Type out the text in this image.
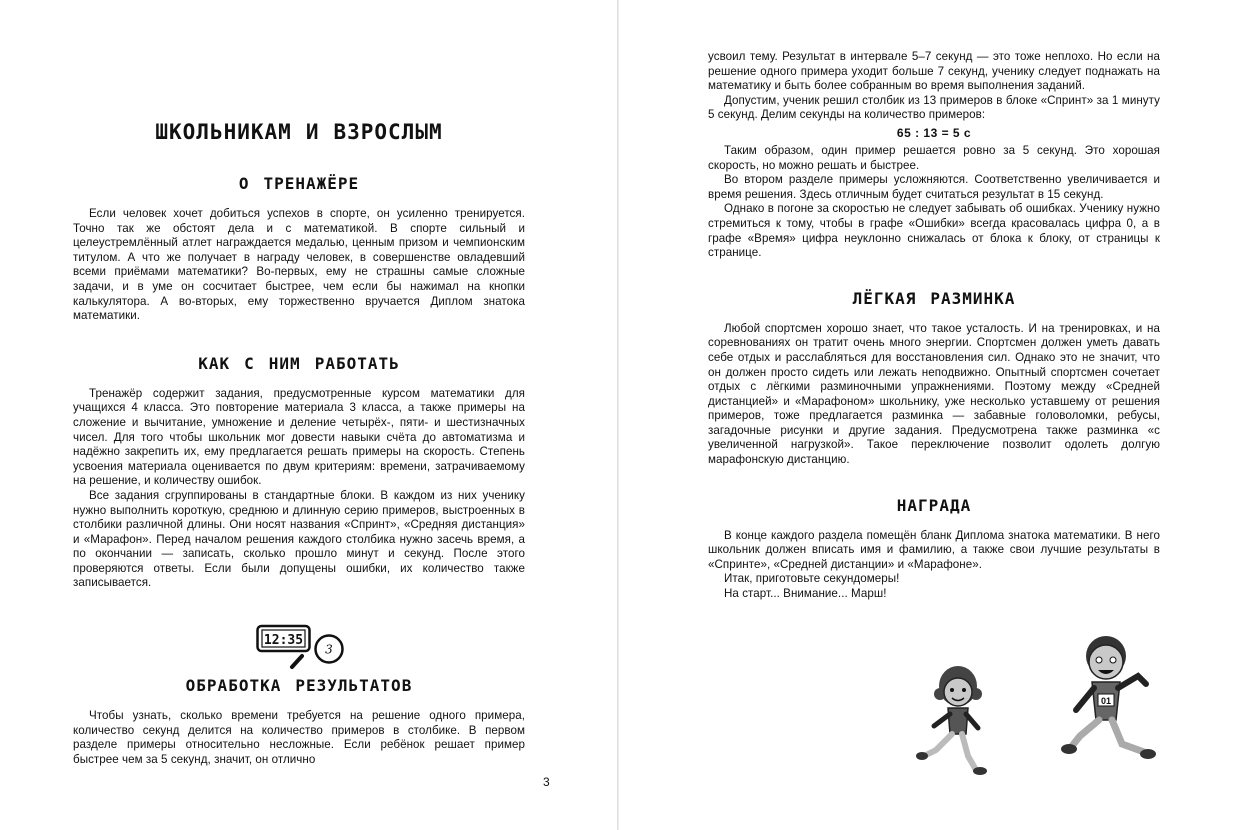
ШКОЛЬНИКАМ И ВЗРОСЛЫМ
О ТРЕНАЖЁРЕ

Если человек хочет добиться успехов в спорте, он усиленно тренируется. Точно так же обстоят дела и с математикой. В спорте сильный и целеустремлённый атлет награждается медалью, ценным призом и чемпионским титулом. А что же получает в награду человек, в совершенстве овладевший всеми приёмами математики? Во-первых, ему не страшны самые сложные задачи, и в уме он сосчитает быстрее, чем если бы нажимал на кнопки калькулятора. А во-вторых, ему торжественно вручается Диплом знатока математики.

КАК С НИМ РАБОТАТЬ

Тренажёр содержит задания, предусмотренные курсом математики для учащихся 4 класса. Это повторение материала 3 класса, а также примеры на сложение и вычитание, умножение и деление четырёх-, пяти- и шестизначных чисел. Для того чтобы школьник мог довести навыки счёта до автоматизма и надёжно закрепить их, ему предлагается решать примеры на скорость. Степень усвоения материала оценивается по двум критериям: времени, затрачиваемому на решение, и количеству ошибок.

Все задания сгруппированы в стандартные блоки. В каждом из них ученику нужно выполнить короткую, среднюю и длинную серию примеров, выстроенных в столбики различной длины. Они носят названия «Спринт», «Средняя дистанция» и «Марафон». Перед началом решения каждого столбика нужно засечь время, а по окончании — записать, сколько прошло минут и секунд. После этого проверяются ответы. Если были допущены ошибки, их количество также записывается.

12:35
3
ОБРАБОТКА РЕЗУЛЬТАТОВ

Чтобы узнать, сколько времени требуется на решение одного примера, количество секунд делится на количество примеров в столбике. В первом разделе примеры относительно несложные. Если ребёнок решает пример быстрее чем за 5 секунд, значит, он отлично

3

усвоил тему. Результат в интервале 5–7 секунд — это тоже неплохо. Но если на решение одного примера уходит больше 7 секунд, ученику следует поднажать на математику и быть более собранным во время выполнения заданий.

Допустим, ученик решил столбик из 13 примеров в блоке «Спринт» за 1 минуту 5 секунд. Делим секунды на количество примеров:

65 : 13 = 5 с

Таким образом, один пример решается ровно за 5 секунд. Это хорошая скорость, но можно решать и быстрее.

Во втором разделе примеры усложняются. Соответственно увеличивается и время решения. Здесь отличным будет считаться результат в 15 секунд.

Однако в погоне за скоростью не следует забывать об ошибках. Ученику нужно стремиться к тому, чтобы в графе «Ошибки» всегда красовалась цифра 0, а в графе «Время» цифра неуклонно снижалась от блока к блоку, от страницы к странице.

ЛЁГКАЯ РАЗМИНКА

Любой спортсмен хорошо знает, что такое усталость. И на тренировках, и на соревнованиях он тратит очень много энергии. Спортсмен должен уметь давать себе отдых и расслабляться для восстановления сил. Однако это не значит, что он должен просто сидеть или лежать неподвижно. Опытный спортсмен сочетает отдых с лёгкими разминочными упражнениями. Поэтому между «Средней дистанцией» и «Марафоном» школьнику, уже несколько уставшему от решения примеров, тоже предлагается разминка — забавные головоломки, ребусы, загадочные рисунки и другие задания. Предусмотрена также разминка «с увеличенной нагрузкой». Такое переключение позволит одолеть долгую марафонскую дистанцию.

НАГРАДА

В конце каждого раздела помещён бланк Диплома знатока математики. В него школьник должен вписать имя и фамилию, а также свои лучшие результаты в «Спринте», «Средней дистанции» и «Марафоне».

Итак, приготовьте секундомеры!

На старт... Внимание... Марш!

01
